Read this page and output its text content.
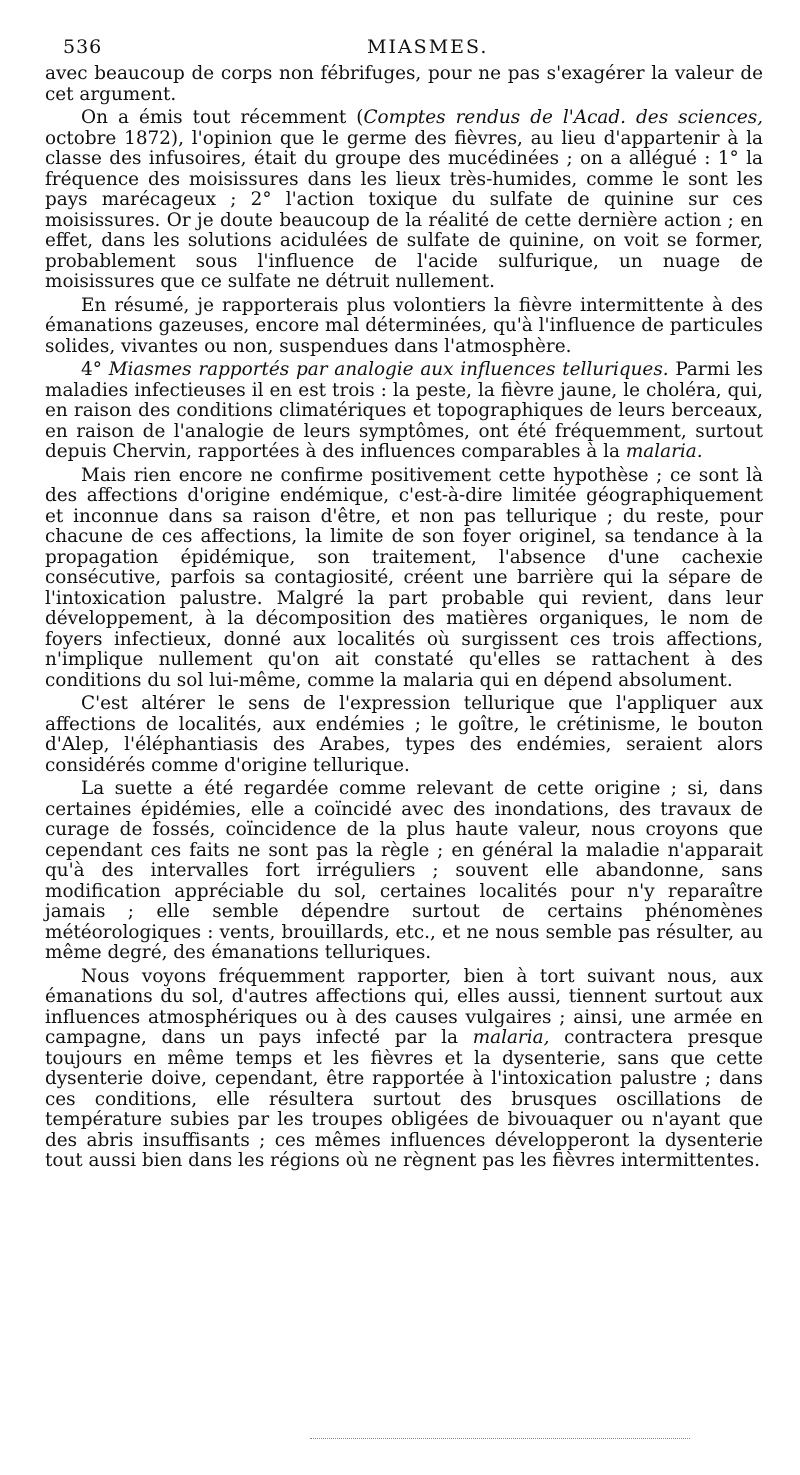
536	MIASMES.

avec beaucoup de corps non fébrifuges, pour ne pas s'exagérer la valeur de cet argument.

On a émis tout récemment (Comptes rendus de l'Acad. des sciences, octobre 1872), l'opinion que le germe des fièvres, au lieu d'appartenir à la classe des infusoires, était du groupe des mucédinées ; on a allégué : 1° la fréquence des moisissures dans les lieux très-humides, comme le sont les pays marécageux ; 2° l'action toxique du sulfate de quinine sur ces moisissures. Or je doute beaucoup de la réalité de cette dernière action ; en effet, dans les solutions acidulées de sulfate de quinine, on voit se former, probablement sous l'influence de l'acide sulfurique, un nuage de moisissures que ce sulfate ne détruit nullement.

En résumé, je rapporterais plus volontiers la fièvre intermittente à des émanations gazeuses, encore mal déterminées, qu'à l'influence de particules solides, vivantes ou non, suspendues dans l'atmosphère.

4° Miasmes rapportés par analogie aux influences telluriques. Parmi les maladies infectieuses il en est trois : la peste, la fièvre jaune, le choléra, qui, en raison des conditions climatériques et topographiques de leurs berceaux, en raison de l'analogie de leurs symptômes, ont été fréquemment, surtout depuis Chervin, rapportées à des influences comparables à la malaria.

Mais rien encore ne confirme positivement cette hypothèse ; ce sont là des affections d'origine endémique, c'est-à-dire limitée géographiquement et inconnue dans sa raison d'être, et non pas tellurique ; du reste, pour chacune de ces affections, la limite de son foyer originel, sa tendance à la propagation épidémique, son traitement, l'absence d'une cachexie consécutive, parfois sa contagiosité, créent une barrière qui la sépare de l'intoxication palustre. Malgré la part probable qui revient, dans leur développement, à la décomposition des matières organiques, le nom de foyers infectieux, donné aux localités où surgissent ces trois affections, n'implique nullement qu'on ait constaté qu'elles se rattachent à des conditions du sol lui-même, comme la malaria qui en dépend absolument.

C'est altérer le sens de l'expression tellurique que l'appliquer aux affections de localités, aux endémies ; le goître, le crétinisme, le bouton d'Alep, l'éléphantiasis des Arabes, types des endémies, seraient alors considérés comme d'origine tellurique.

La suette a été regardée comme relevant de cette origine ; si, dans certaines épidémies, elle a coïncidé avec des inondations, des travaux de curage de fossés, coïncidence de la plus haute valeur, nous croyons que cependant ces faits ne sont pas la règle ; en général la maladie n'apparait qu'à des intervalles fort irréguliers ; souvent elle abandonne, sans modification appréciable du sol, certaines localités pour n'y reparaître jamais ; elle semble dépendre surtout de certains phénomènes météorologiques : vents, brouillards, etc., et ne nous semble pas résulter, au même degré, des émanations telluriques.

Nous voyons fréquemment rapporter, bien à tort suivant nous, aux émanations du sol, d'autres affections qui, elles aussi, tiennent surtout aux influences atmosphériques ou à des causes vulgaires ; ainsi, une armée en campagne, dans un pays infecté par la malaria, contractera presque toujours en même temps et les fièvres et la dysenterie, sans que cette dysenterie doive, cependant, être rapportée à l'intoxication palustre ; dans ces conditions, elle résultera surtout des brusques oscillations de température subies par les troupes obligées de bivouaquer ou n'ayant que des abris insuffisants ; ces mêmes influences développeront la dysenterie tout aussi bien dans les régions où ne règnent pas les fièvres intermittentes.
